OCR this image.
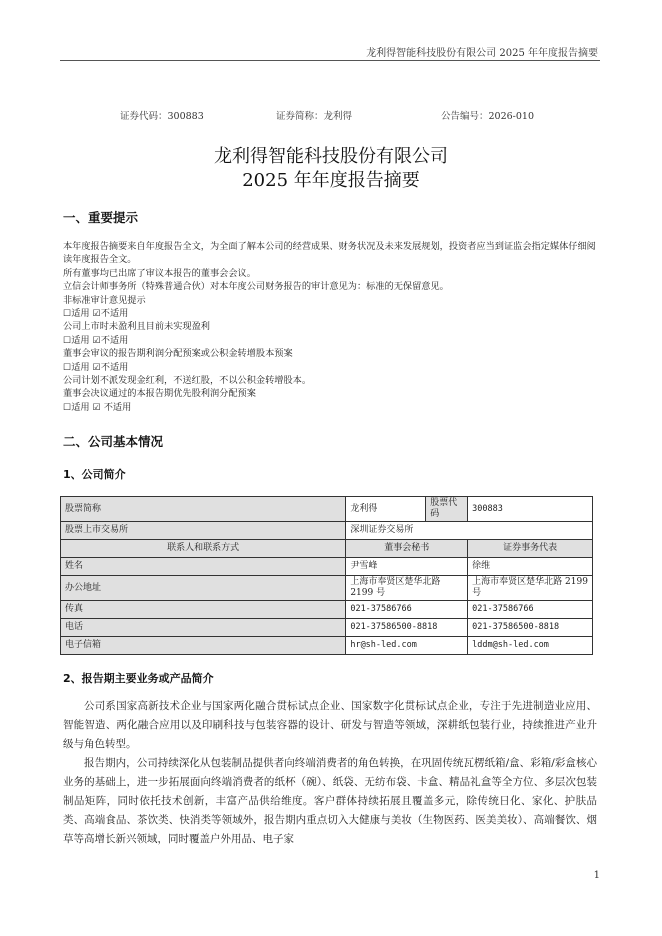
龙利得智能科技股份有限公司 2025 年年度报告摘要
证券代码：300883	证券简称：龙利得	公告编号：2026-010
龙利得智能科技股份有限公司
2025 年年度报告摘要
一、重要提示

本年度报告摘要来自年度报告全文，为全面了解本公司的经营成果、财务状况及未来发展规划，投资者应当到证监会指定媒体仔细阅读年度报告全文。

所有董事均已出席了审议本报告的董事会会议。

立信会计师事务所（特殊普通合伙）对本年度公司财务报告的审计意见为：标准的无保留意见。

非标准审计意见提示

☐适用 ☑不适用

公司上市时未盈利且目前未实现盈利

☐适用 ☑不适用

董事会审议的报告期利润分配预案或公积金转增股本预案

☐适用 ☑不适用

公司计划不派发现金红利，不送红股，不以公积金转增股本。

董事会决议通过的本报告期优先股利润分配预案

☐适用 ☑ 不适用

二、公司基本情况
1、公司简介
股票简称	龙利得	股票代码	300883
股票上市交易所	深圳证券交易所		
联系人和联系方式	董事会秘书		证券事务代表
姓名	尹雪峰		徐维
办公地址	上海市奉贤区楚华北路 2199 号		上海市奉贤区楚华北路 2199 号
传真	021-37586766		021-37586766
电话	021-37586500-8818		021-37586500-8818
电子信箱	hr@sh-led.com		lddm@sh-led.com
2、报告期主要业务或产品简介

公司系国家高新技术企业与国家两化融合贯标试点企业、国家数字化贯标试点企业，专注于先进制造业应用、智能智造、两化融合应用以及印刷科技与包装容器的设计、研发与智造等领域，深耕纸包装行业，持续推进产业升级与角色转型。

报告期内，公司持续深化从包装制品提供者向终端消费者的角色转换，在巩固传统瓦楞纸箱/盒、彩箱/彩盒核心业务的基础上，进一步拓展面向终端消费者的纸杯（碗）、纸袋、无纺布袋、卡盒、精品礼盒等全方位、多层次包装制品矩阵，同时依托技术创新，丰富产品供给维度。客户群体持续拓展且覆盖多元，除传统日化、家化、护肤品类、高端食品、茶饮类、快消类等领域外，报告期内重点切入大健康与美妆（生物医药、医美美妆）、高端餐饮、烟草等高增长新兴领域，同时覆盖户外用品、电子家

1
